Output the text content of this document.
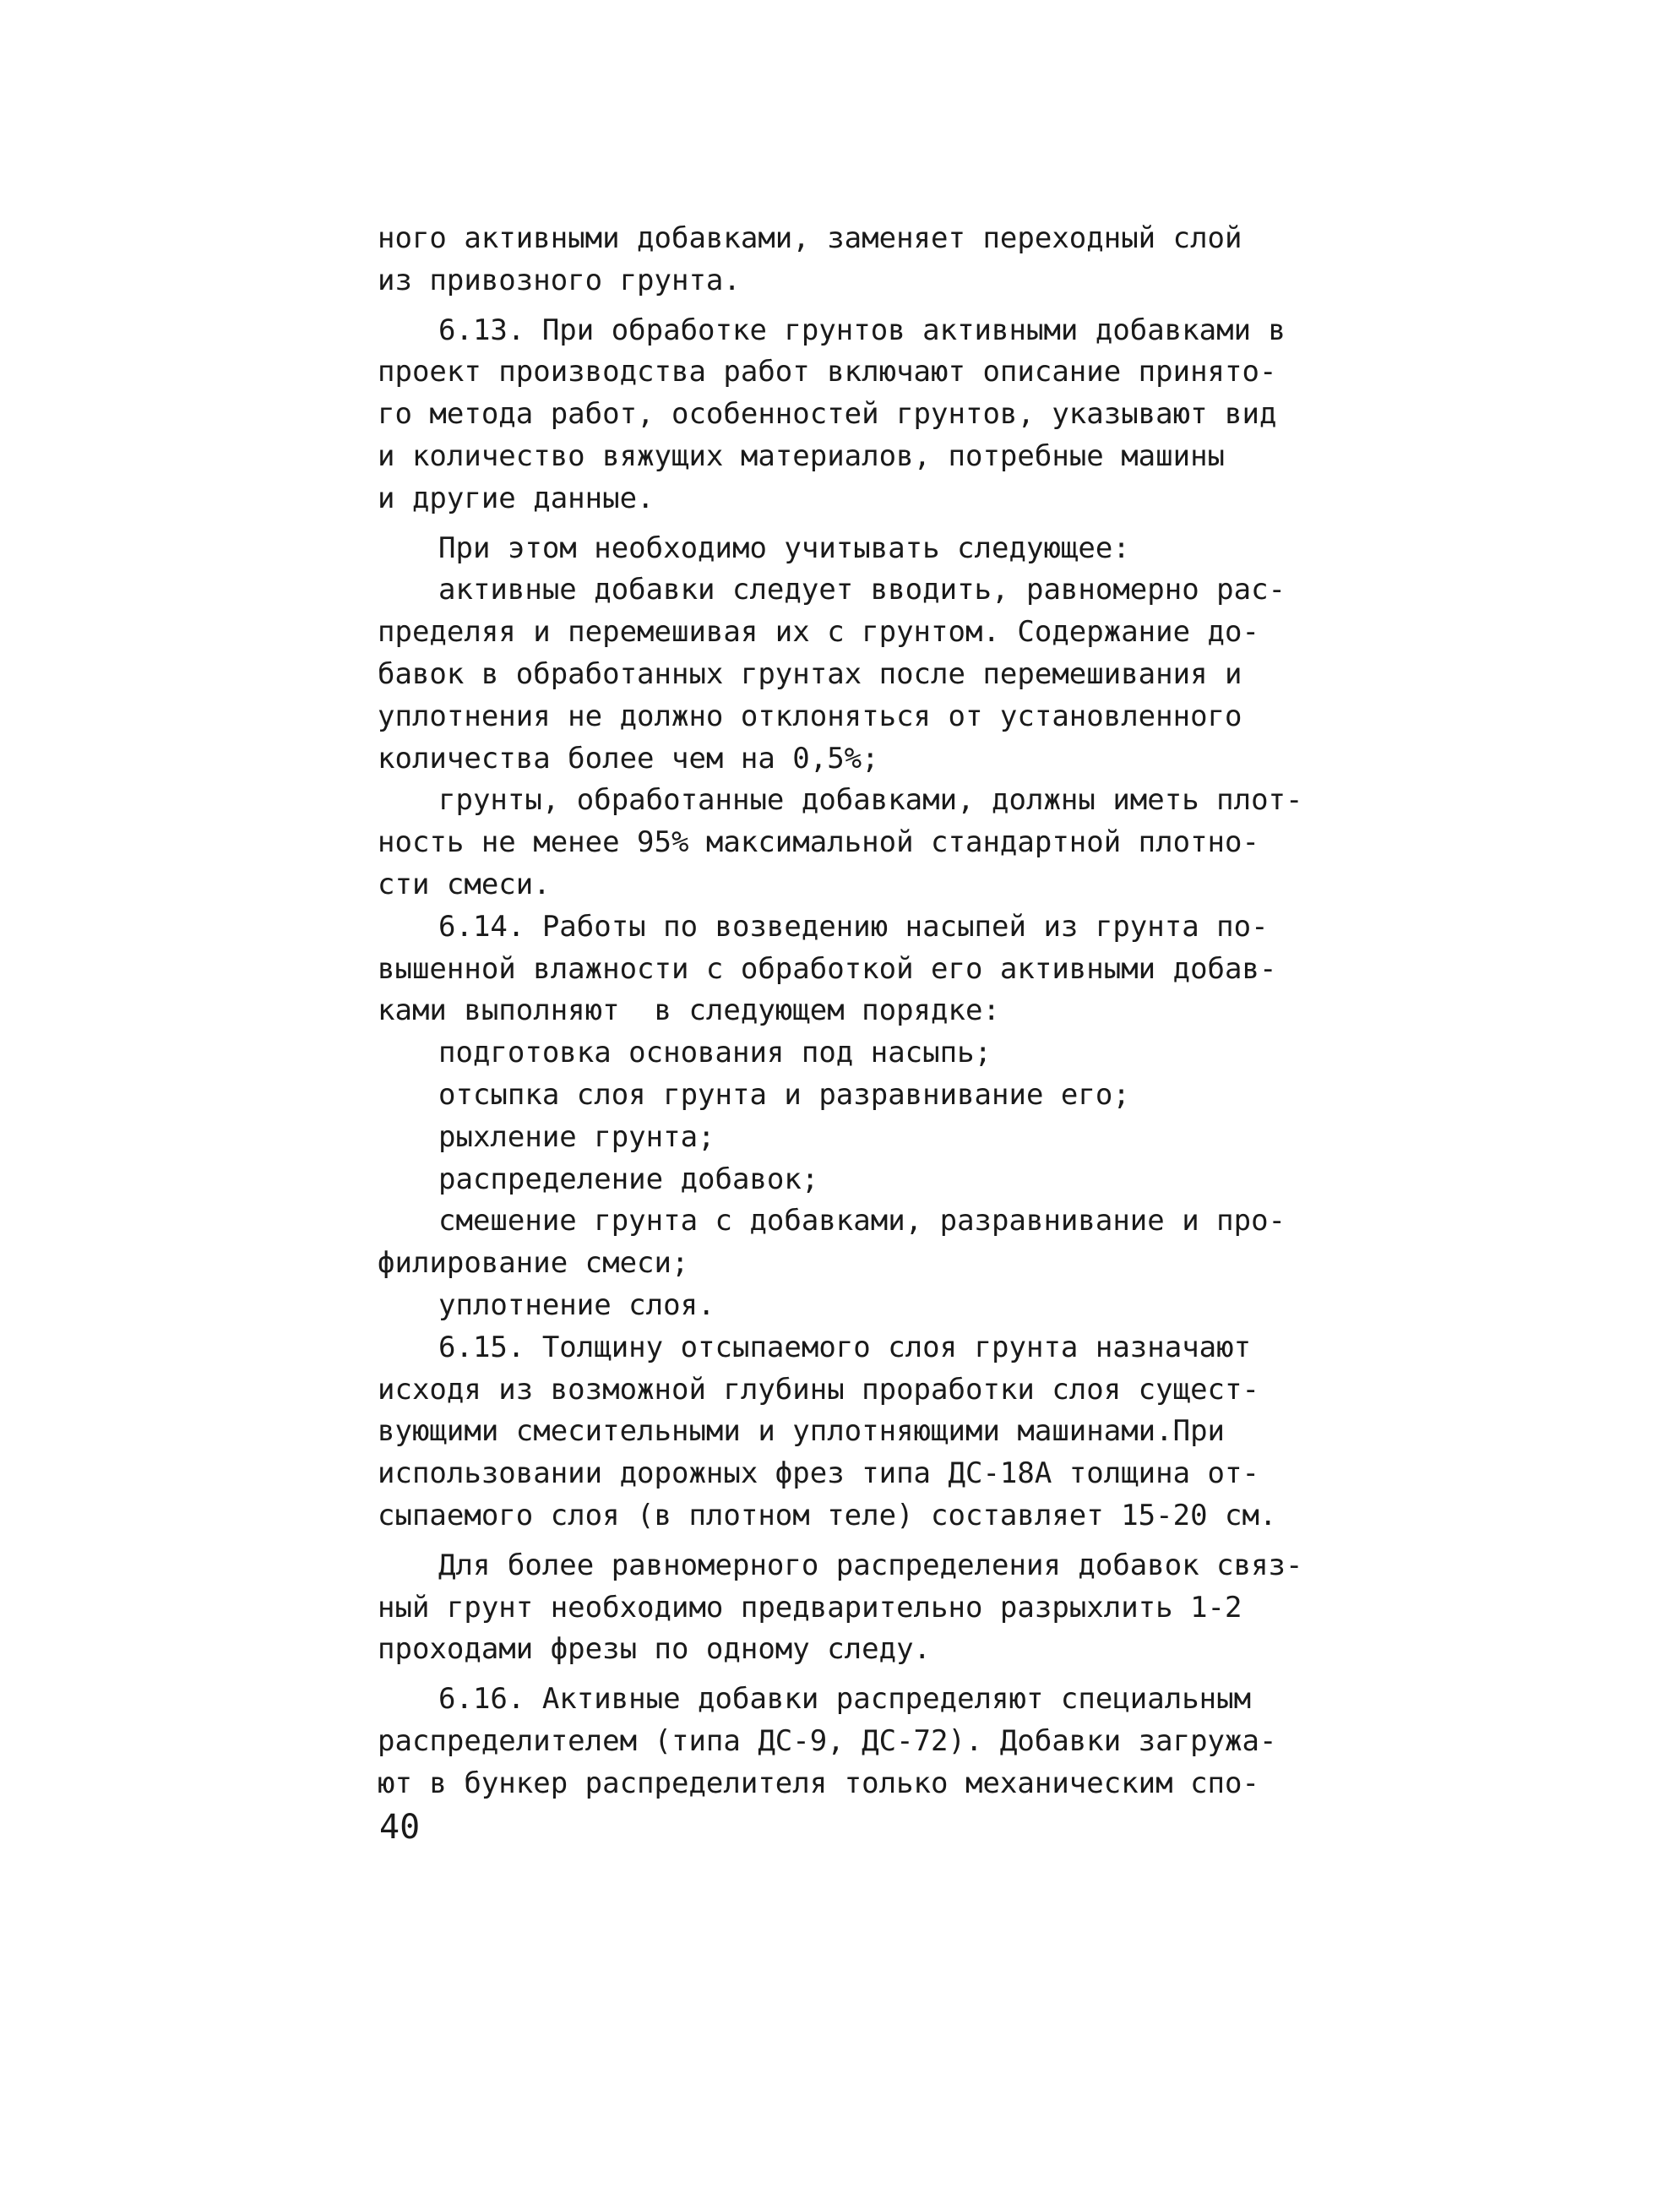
ного активными добавками, заменяет переходный слой
из привозного грунта.
6.13. При обработке грунтов активными добавками в
проект производства работ включают описание принято-
го метода работ, особенностей грунтов, указывают вид
и количество вяжущих материалов, потребные машины
и другие данные.
При этом необходимо учитывать следующее:
активные добавки следует вводить, равномерно рас-
пределяя и перемешивая их с грунтом. Содержание до-
бавок в обработанных грунтах после перемешивания и
уплотнения не должно отклоняться от установленного
количества более чем на 0,5%;
грунты, обработанные добавками, должны иметь плот-
ность не менее 95% максимальной стандартной плотно-
сти смеси.
6.14. Работы по возведению насыпей из грунта по-
вышенной влажности с обработкой его активными добав-
ками выполняют  в следующем порядке:
подготовка основания под насыпь;
отсыпка слоя грунта и разравнивание его;
рыхление грунта;
распределение добавок;
смешение грунта с добавками, разравнивание и про-
филирование смеси;
уплотнение слоя.
6.15. Толщину отсыпаемого слоя грунта назначают
исходя из возможной глубины проработки слоя сущест-
вующими смесительными и уплотняющими машинами.При
использовании дорожных фрез типа ДС-18А толщина от-
сыпаемого слоя (в плотном теле) составляет 15-20 см.
Для более равномерного распределения добавок связ-
ный грунт необходимо предварительно разрыхлить 1-2
проходами фрезы по одному следу.
6.16. Активные добавки распределяют специальным
распределителем (типа ДС-9, ДС-72). Добавки загружа-
ют в бункер распределителя только механическим спо-
40
